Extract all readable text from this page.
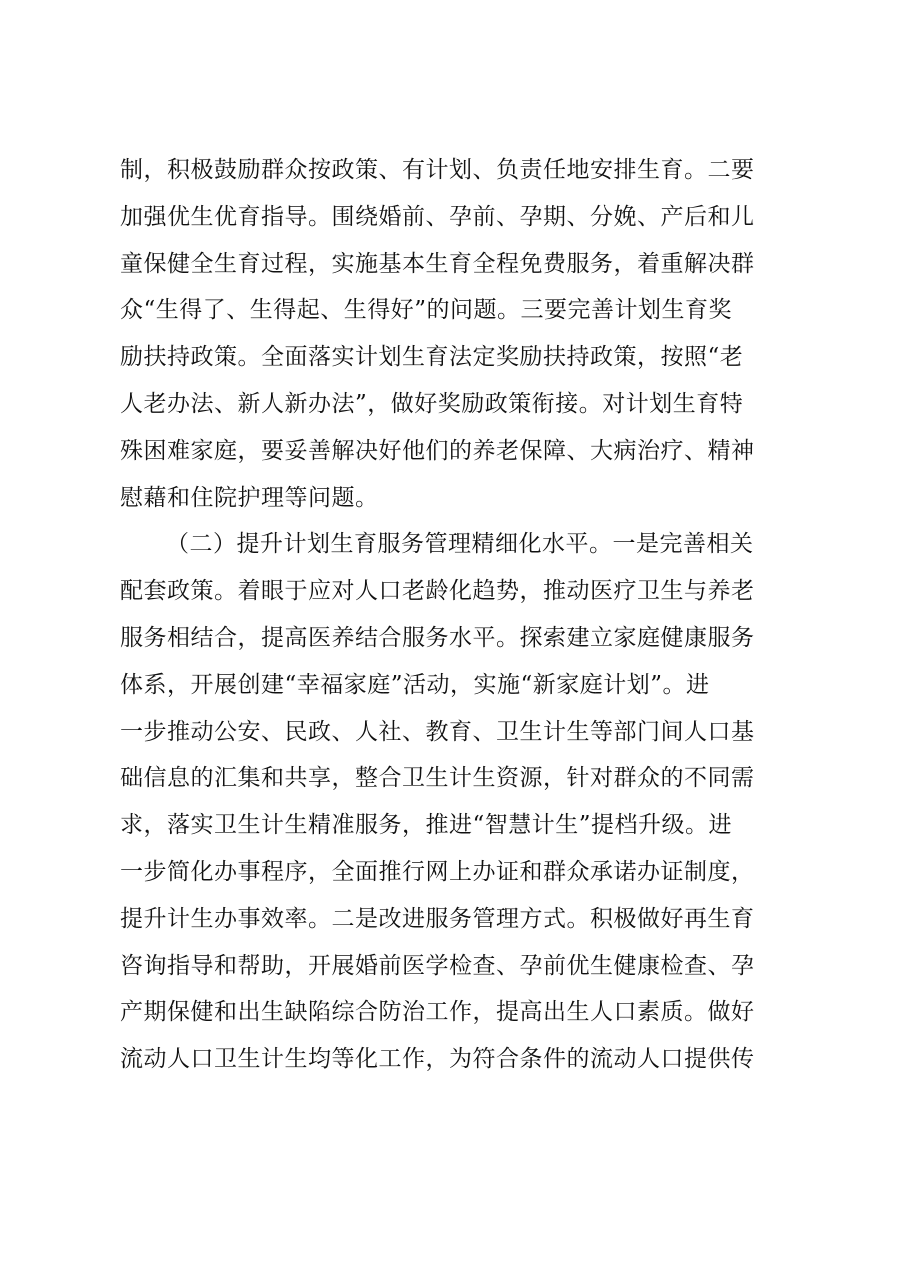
制，积极鼓励群众按政策、有计划、负责任地安排生育。二要
加强优生优育指导。围绕婚前、孕前、孕期、分娩、产后和儿
童保健全生育过程，实施基本生育全程免费服务，着重解决群
众“生得了、生得起、生得好”的问题。三要完善计划生育奖
励扶持政策。全面落实计划生育法定奖励扶持政策，按照“老
人老办法、新人新办法”，做好奖励政策衔接。对计划生育特
殊困难家庭，要妥善解决好他们的养老保障、大病治疗、精神
慰藉和住院护理等问题。
（二）提升计划生育服务管理精细化水平。一是完善相关
配套政策。着眼于应对人口老龄化趋势，推动医疗卫生与养老
服务相结合，提高医养结合服务水平。探索建立家庭健康服务
体系，开展创建“幸福家庭”活动，实施“新家庭计划”。进
一步推动公安、民政、人社、教育、卫生计生等部门间人口基
础信息的汇集和共享，整合卫生计生资源，针对群众的不同需
求，落实卫生计生精准服务，推进“智慧计生”提档升级。进
一步简化办事程序，全面推行网上办证和群众承诺办证制度，
提升计生办事效率。二是改进服务管理方式。积极做好再生育
咨询指导和帮助，开展婚前医学检查、孕前优生健康检查、孕
产期保健和出生缺陷综合防治工作，提高出生人口素质。做好
流动人口卫生计生均等化工作，为符合条件的流动人口提供传
